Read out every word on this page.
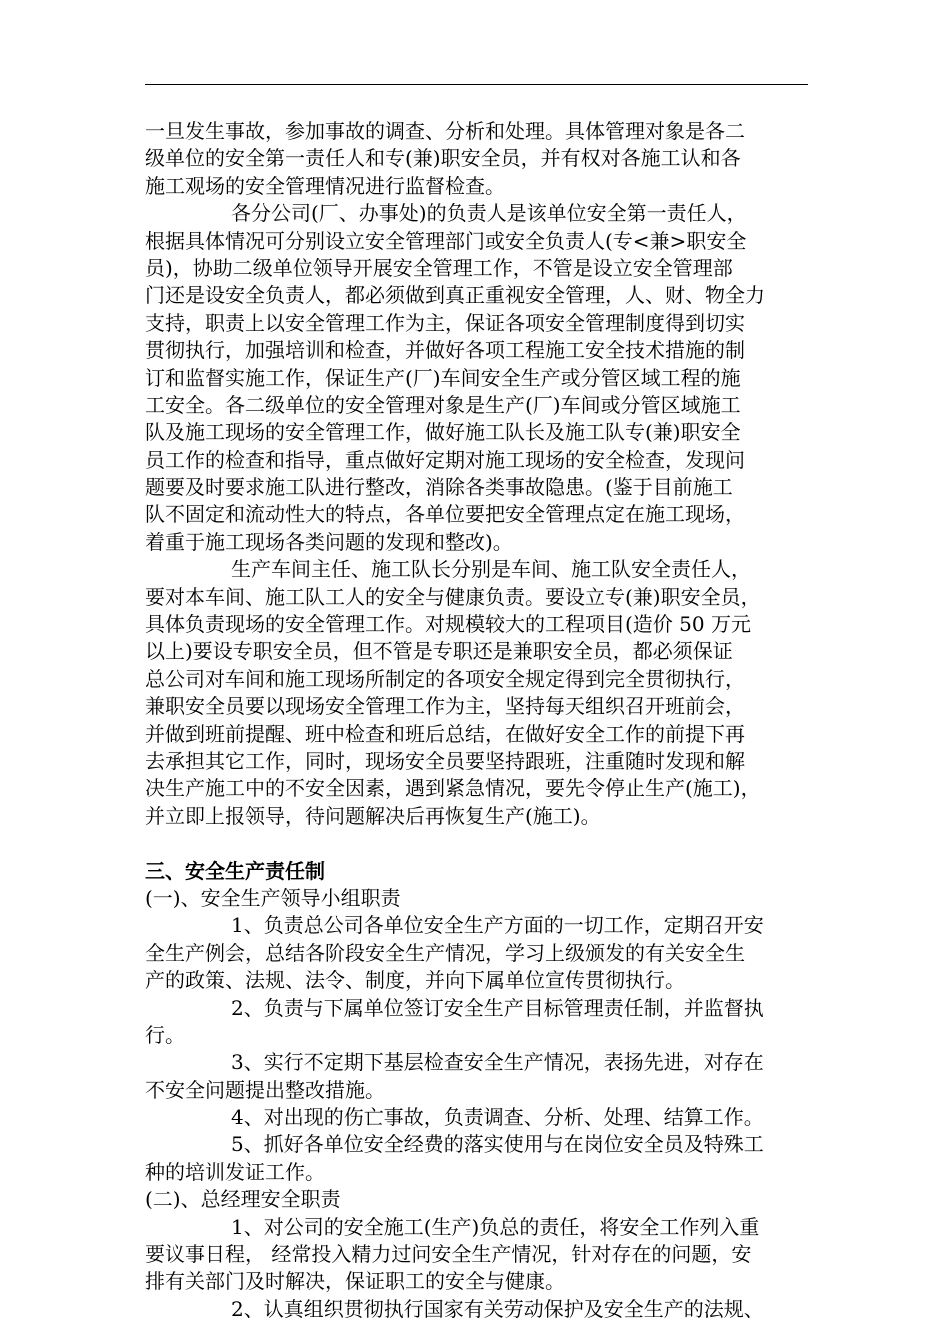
一旦发生事故，参加事故的调查、分析和处理。具体管理对象是各二
级单位的安全第一责任人和专(兼)职安全员，并有权对各施工认和各
施工观场的安全管理情况进行监督检查。
各分公司(厂、办事处)的负责人是该单位安全第一责任人，
根据具体情况可分别设立安全管理部门或安全负责人(专<兼>职安全
员)，协助二级单位领导开展安全管理工作，不管是设立安全管理部
门还是设安全负责人，都必须做到真正重视安全管理，人、财、物全力
支持，职责上以安全管理工作为主，保证各项安全管理制度得到切实
贯彻执行，加强培训和检查，并做好各项工程施工安全技术措施的制
订和监督实施工作，保证生产(厂)车间安全生产或分管区域工程的施
工安全。各二级单位的安全管理对象是生产(厂)车间或分管区域施工
队及施工现场的安全管理工作，做好施工队长及施工队专(兼)职安全
员工作的检查和指导，重点做好定期对施工现场的安全检查，发现问
题要及时要求施工队进行整改，消除各类事故隐患。(鉴于目前施工
队不固定和流动性大的特点，各单位要把安全管理点定在施工现场，
着重于施工现场各类问题的发现和整改)。
生产车间主任、施工队长分别是车间、施工队安全责任人，
要对本车间、施工队工人的安全与健康负责。要设立专(兼)职安全员，
具体负责现场的安全管理工作。对规模较大的工程项目(造价 50 万元
以上)要设专职安全员，但不管是专职还是兼职安全员，都必须保证
总公司对车间和施工现场所制定的各项安全规定得到完全贯彻执行，
兼职安全员要以现场安全管理工作为主，坚持每天组织召开班前会，
并做到班前提醒、班中检查和班后总结，在做好安全工作的前提下再
去承担其它工作，同时，现场安全员要坚持跟班，注重随时发现和解
决生产施工中的不安全因素，遇到紧急情况，要先令停止生产(施工)，
并立即上报领导，待问题解决后再恢复生产(施工)。
三、安全生产责任制
(一)、安全生产领导小组职责
1、负责总公司各单位安全生产方面的一切工作，定期召开安
全生产例会，总结各阶段安全生产情况，学习上级颁发的有关安全生
产的政策、法规、法令、制度，并向下属单位宣传贯彻执行。
2、负责与下属单位签订安全生产目标管理责任制，并监督执
行。
3、实行不定期下基层检查安全生产情况，表扬先进，对存在
不安全问题提出整改措施。
4、对出现的伤亡事故，负责调查、分析、处理、结算工作。
5、抓好各单位安全经费的落实使用与在岗位安全员及特殊工
种的培训发证工作。
(二)、总经理安全职责
1、对公司的安全施工(生产)负总的责任，将安全工作列入重
要议事日程， 经常投入精力过问安全生产情况，针对存在的问题，安
排有关部门及时解决，保证职工的安全与健康。
2、认真组织贯彻执行国家有关劳动保护及安全生产的法规、
